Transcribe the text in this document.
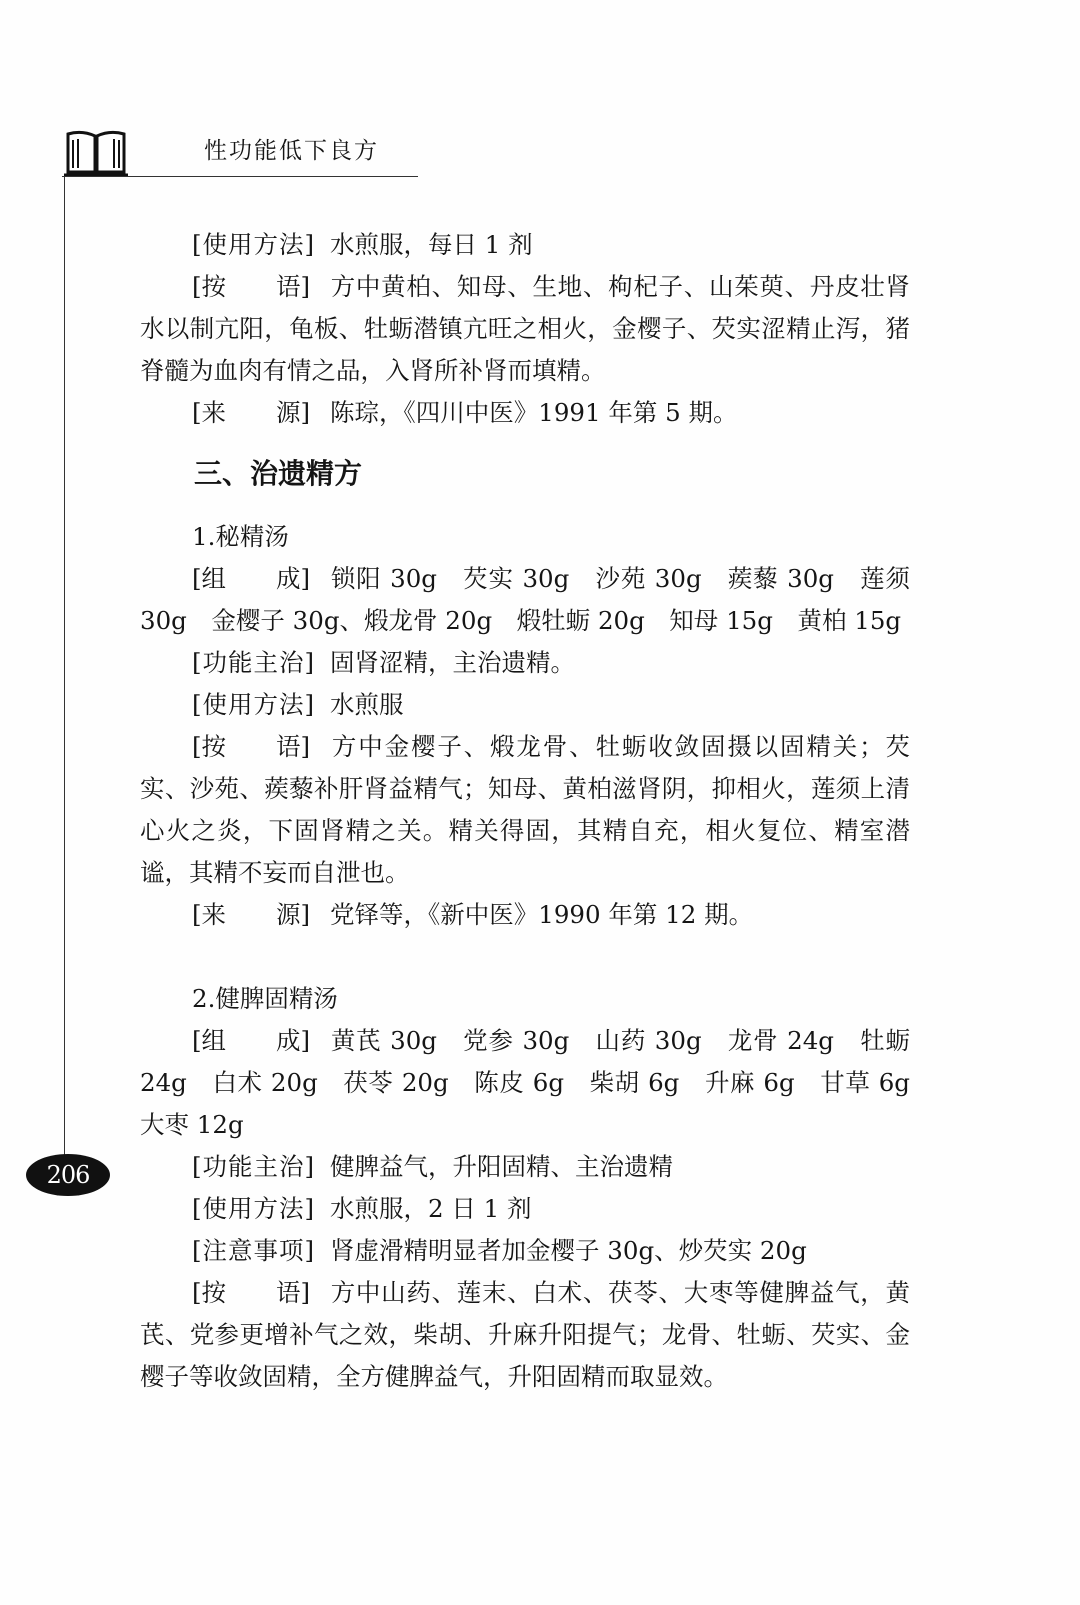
性功能低下良方
206

[使用方法] 水煎服，每日 1 剂

[按 语] 方中黄柏、知母、生地、枸杞子、山茱萸、丹皮壮肾水以制亢阳，龟板、牡蛎潜镇亢旺之相火，金樱子、芡实涩精止泻，猪脊髓为血肉有情之品，入肾所补肾而填精。

[来 源] 陈琮，《四川中医》1991 年第 5 期。

三、治遗精方

1.秘精汤

[组 成] 锁阳 30g　芡实 30g　沙苑 30g　蒺藜 30g　莲须 30g　金樱子 30g、煅龙骨 20g　煅牡蛎 20g　知母 15g　黄柏 15g

[功能主治] 固肾涩精，主治遗精。

[使用方法] 水煎服

[按 语] 方中金樱子、煅龙骨、牡蛎收敛固摄以固精关；芡实、沙苑、蒺藜补肝肾益精气；知母、黄柏滋肾阴，抑相火，莲须上清心火之炎，下固肾精之关。精关得固，其精自充，相火复位、精室潜谧，其精不妄而自泄也。

[来 源] 党铎等，《新中医》1990 年第 12 期。

2.健脾固精汤

[组 成] 黄芪 30g　党参 30g　山药 30g　龙骨 24g　牡蛎 24g　白术 20g　茯苓 20g　陈皮 6g　柴胡 6g　升麻 6g　甘草 6g　大枣 12g

[功能主治] 健脾益气，升阳固精、主治遗精

[使用方法] 水煎服，2 日 1 剂

[注意事项] 肾虚滑精明显者加金樱子 30g、炒芡实 20g

[按 语] 方中山药、莲末、白术、茯苓、大枣等健脾益气，黄芪、党参更增补气之效，柴胡、升麻升阳提气；龙骨、牡蛎、芡实、金樱子等收敛固精，全方健脾益气，升阳固精而取显效。
